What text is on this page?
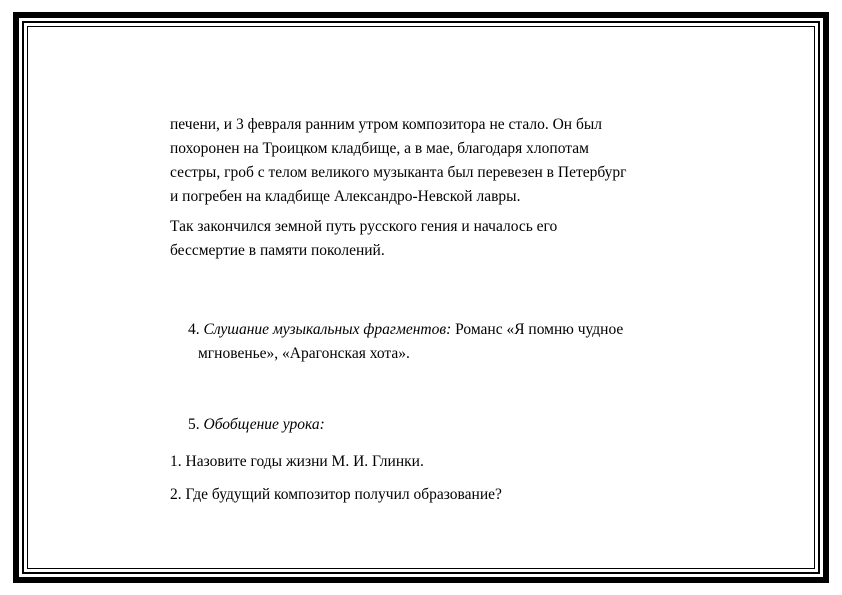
печени, и 3 февраля ранним утром композитора не стало. Он был
похоронен на Троицком кладбище, а в мае, благодаря хлопотам
сестры, гроб с телом великого музыканта был перевезен в Петербург
и погребен на кладбище Александро-Невской лавры.

Так закончился земной путь русского гения и началось его
бессмертие в памяти поколений.

4. Слушание музыкальных фрагментов: Романс «Я помню чудное
мгновенье», «Арагонская хота».
5. Обобщение урока:
1. Назовите годы жизни М. И. Глинки.
2. Где будущий композитор получил образование?
